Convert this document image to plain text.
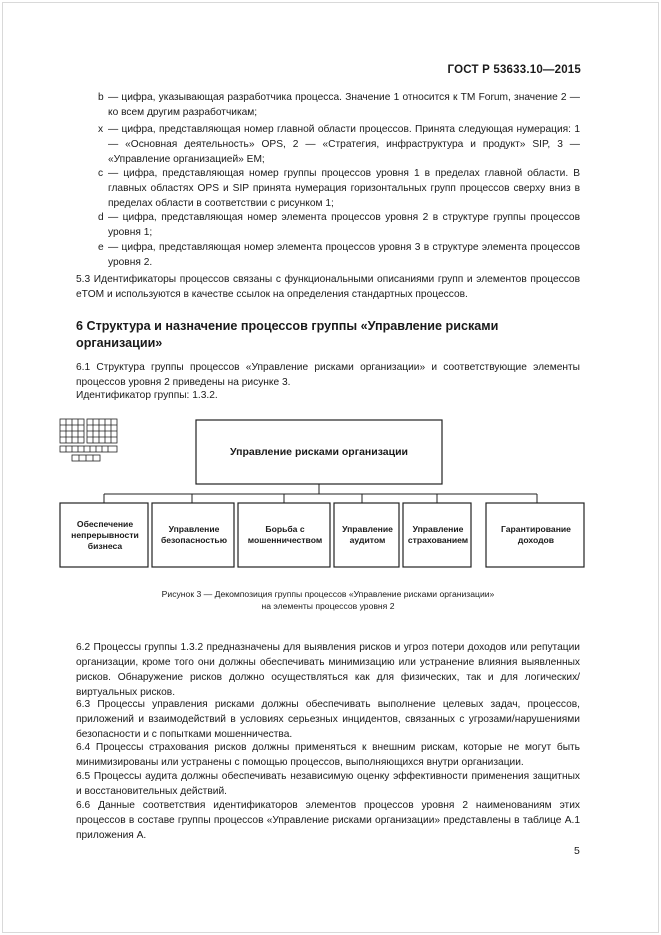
ГОСТ Р 53633.10—2015
b — цифра, указывающая разработчика процесса. Значение 1 относится к TM Forum, значение 2 — ко всем другим разработчикам;
x — цифра, представляющая номер главной области процессов. Принята следующая нумерация: 1 — «Основная деятельность» OPS, 2 — «Стратегия, инфраструктура и продукт» SIP, 3 — «Управление организацией» EM;
c — цифра, представляющая номер группы процессов уровня 1 в пределах главной области. В главных областях OPS и SIP принята нумерация горизонтальных групп процессов сверху вниз в пределах области в соответствии с рисунком 1;
d — цифра, представляющая номер элемента процессов уровня 2 в структуре группы процессов уровня 1;
e — цифра, представляющая номер элемента процессов уровня 3 в структуре элемента процессов уровня 2.
5.3 Идентификаторы процессов связаны с функциональными описаниями групп и элементов процессов eTOM и используются в качестве ссылок на определения стандартных процессов.
6 Структура и назначение процессов группы «Управление рисками организации»
6.1 Структура группы процессов «Управление рисками организации» и соответствующие элементы процессов уровня 2 приведены на рисунке 3.
Идентификатор группы: 1.3.2.
Управление рисками организации
Обеспечение непрерывности бизнеса
Управление безопасностью
Борьба с мошенничеством
Управление аудитом
Управление страхованием
Гарантирование доходов
Рисунок 3 — Декомпозиция группы процессов «Управление рисками организации»
на элементы процессов уровня 2
6.2 Процессы группы 1.3.2 предназначены для выявления рисков и угроз потери доходов или репутации организации, кроме того они должны обеспечивать минимизацию или устранение влияния выявленных рисков. Обнаружение рисков должно осуществляться как для физических, так и для логических/виртуальных рисков.
6.3 Процессы управления рисками должны обеспечивать выполнение целевых задач, процессов, приложений и взаимодействий в условиях серьезных инцидентов, связанных с угрозами/нарушениями безопасности и с попытками мошенничества.
6.4 Процессы страхования рисков должны применяться к внешним рискам, которые не могут быть минимизированы или устранены с помощью процессов, выполняющихся внутри организации.
6.5 Процессы аудита должны обеспечивать независимую оценку эффективности применения защитных и восстановительных действий.
6.6 Данные соответствия идентификаторов элементов процессов уровня 2 наименованиям этих процессов в составе группы процессов «Управление рисками организации» представлены в таблице А.1 приложения А.
5
